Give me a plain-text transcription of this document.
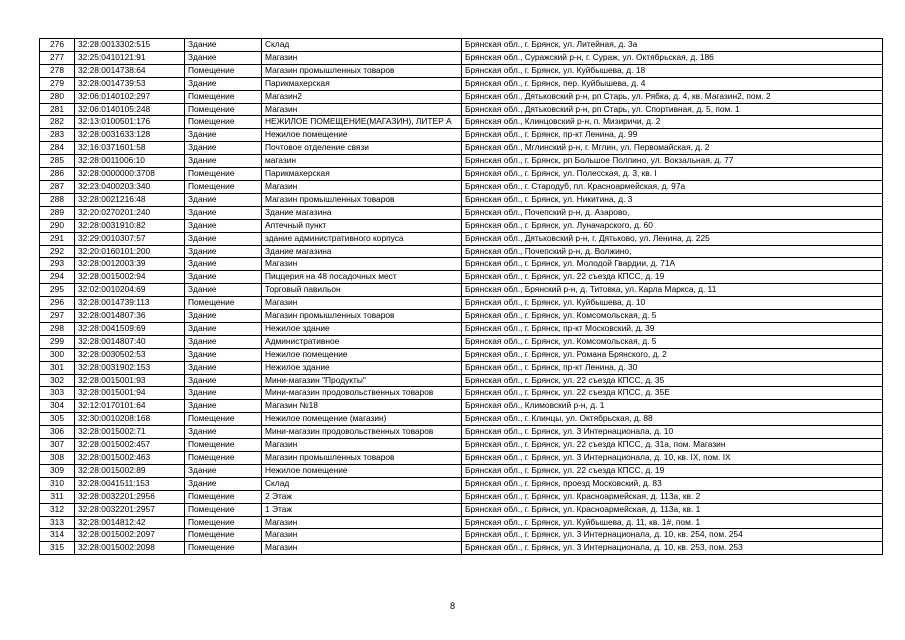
276	32:28:0013302:515	Здание	Склад	Брянская обл., г. Брянск, ул. Литейная, д. 3а
277	32:25:0410121:91	Здание	Магазин	Брянская обл., Суражский р-н, г. Сураж, ул. Октябрьская, д. 186
278	32:28:0014738:64	Помещение	Магазин промышленных товаров	Брянская обл., г. Брянск, ул. Куйбышева, д. 18
279	32:28:0014739:53	Здание	Парикмахерская	Брянская обл., г. Брянск, пер. Куйбышева, д. 4
280	32:06:0140102:297	Помещение	Магазин2	Брянская обл., Дятьковский р-н, рп Старь, ул. Рябка, д. 4, кв. Магазин2, пом. 2
281	32:06:0140105:248	Помещение	Магазин	Брянская обл., Дятьковский р-н, рп Старь, ул. Спортивная, д. 5, пом. 1
282	32:13:0100501:176	Помещение	НЕЖИЛОЕ ПОМЕЩЕНИЕ(МАГАЗИН), ЛИТЕР А	Брянская обл., Клинцовский р-н, п. Мизиричи, д. 2
283	32:28:0031633:128	Здание	Нежилое помещение	Брянская обл., г. Брянск, пр-кт Ленина, д. 99
284	32:16:0371601:58	Здание	Почтовое отделение связи	Брянская обл., Мглинский р-н, г. Мглин, ул. Первомайская, д. 2
285	32:28:0011006:10	Здание	магазин	Брянская обл., г. Брянск, рп Большое Полпино, ул. Вокзальная, д. 77
286	32:28:0000000:3708	Помещение	Парикмахерская	Брянская обл., г. Брянск, ул. Полесская, д. 3, кв. I
287	32:23:0400203:340	Помещение	Магазин	Брянская обл., г. Стародуб, пл. Красноармейская, д. 97а
288	32:28:0021216:48	Здание	Магазин промышленных товаров	Брянская обл., г. Брянск, ул. Никитина, д. 3
289	32:20:0270201:240	Здание	Здание магазина	Брянская обл., Почепский р-н, д. Азарово,
290	32:28:0031910:82	Здание	Аптечный пункт	Брянская обл., г. Брянск, ул. Луначарского, д. 60
291	32:29:0010307:57	Здание	здание административного корпуса	Брянская обл., Дятьковский р-н, г. Дятьково, ул. Ленина, д. 225
292	32:20:0160101:200	Здание	Здание магазина	Брянская обл., Почепский р-н, д. Волжино,
293	32:28:0012003:39	Здание	Магазин	Брянская обл., г. Брянск, ул. Молодой Гвардии, д. 71А
294	32:28:0015002:94	Здание	Пиццерия на 48 посадочных мест	Брянская обл., г. Брянск, ул. 22 съезда КПСС, д. 19
295	32:02:0010204:69	Здание	Торговый павильон	Брянская обл., Брянский р-н, д. Титовка, ул. Карла Маркса, д. 11
296	32:28:0014739:113	Помещение	Магазин	Брянская обл., г. Брянск, ул. Куйбышева, д. 10
297	32:28:0014807:36	Здание	Магазин промышленных товаров	Брянская обл., г. Брянск, ул. Комсомольская, д. 5
298	32:28:0041509:69	Здание	Нежилое здание	Брянская обл., г. Брянск, пр-кт Московский, д. 39
299	32:28:0014807:40	Здание	Административное	Брянская обл., г. Брянск, ул. Комсомольская, д. 5
300	32:28:0030502:53	Здание	Нежилое помещение	Брянская обл., г. Брянск, ул. Романа Брянского, д. 2
301	32:28:0031902:153	Здание	Нежилое здание	Брянская обл., г. Брянск, пр-кт Ленина, д. 30
302	32:28:0015001:93	Здание	Мини-магазин "Продукты"	Брянская обл., г. Брянск, ул. 22 съезда КПСС, д. 35
303	32:28:0015001:94	Здание	Мини-магазин продовольственных товаров	Брянская обл., г. Брянск, ул. 22 съезда КПСС, д. 35Е
304	32:12:0170101:64	Здание	Магазин №18	Брянская обл., Климовский р-н, д. 1
305	32:30:0010208:168	Помещение	Нежилое помещение (магазин)	Брянская обл., г. Клинцы, ул. Октябрьская, д. 88
306	32:28:0015002:71	Здание	Мини-магазин продовольственных товаров	Брянская обл., г. Брянск, ул. 3 Интернационала, д. 10
307	32:28:0015002:457	Помещение	Магазин	Брянская обл., г. Брянск, ул. 22 съезда КПСС, д. 31а, пом. Магазин
308	32:28:0015002:463	Помещение	Магазин промышленных товаров	Брянская обл., г. Брянск, ул. 3 Интернационала, д. 10, кв. IX, пом. IX
309	32:28:0015002:89	Здание	Нежилое помещение	Брянская обл., г. Брянск, ул. 22 съезда КПСС, д. 19
310	32:28:0041511:153	Здание	Склад	Брянская обл., г. Брянск, проезд Московский, д. 83
311	32:28:0032201:2956	Помещение	2 Этаж	Брянская обл., г. Брянск, ул. Красноармейская, д. 113а, кв. 2
312	32:28:0032201:2957	Помещение	1 Этаж	Брянская обл., г. Брянск, ул. Красноармейская, д. 113а, кв. 1
313	32:28:0014812:42	Помещение	Магазин	Брянская обл., г. Брянск, ул. Куйбышева, д. 11, кв. 1#, пом. 1
314	32:28:0015002:2097	Помещение	Магазин	Брянская обл., г. Брянск, ул. 3 Интернационала, д. 10, кв. 254, пом. 254
315	32:28:0015002:2098	Помещение	Магазин	Брянская обл., г. Брянск, ул. 3 Интернационала, д. 10, кв. 253, пом. 253
8
